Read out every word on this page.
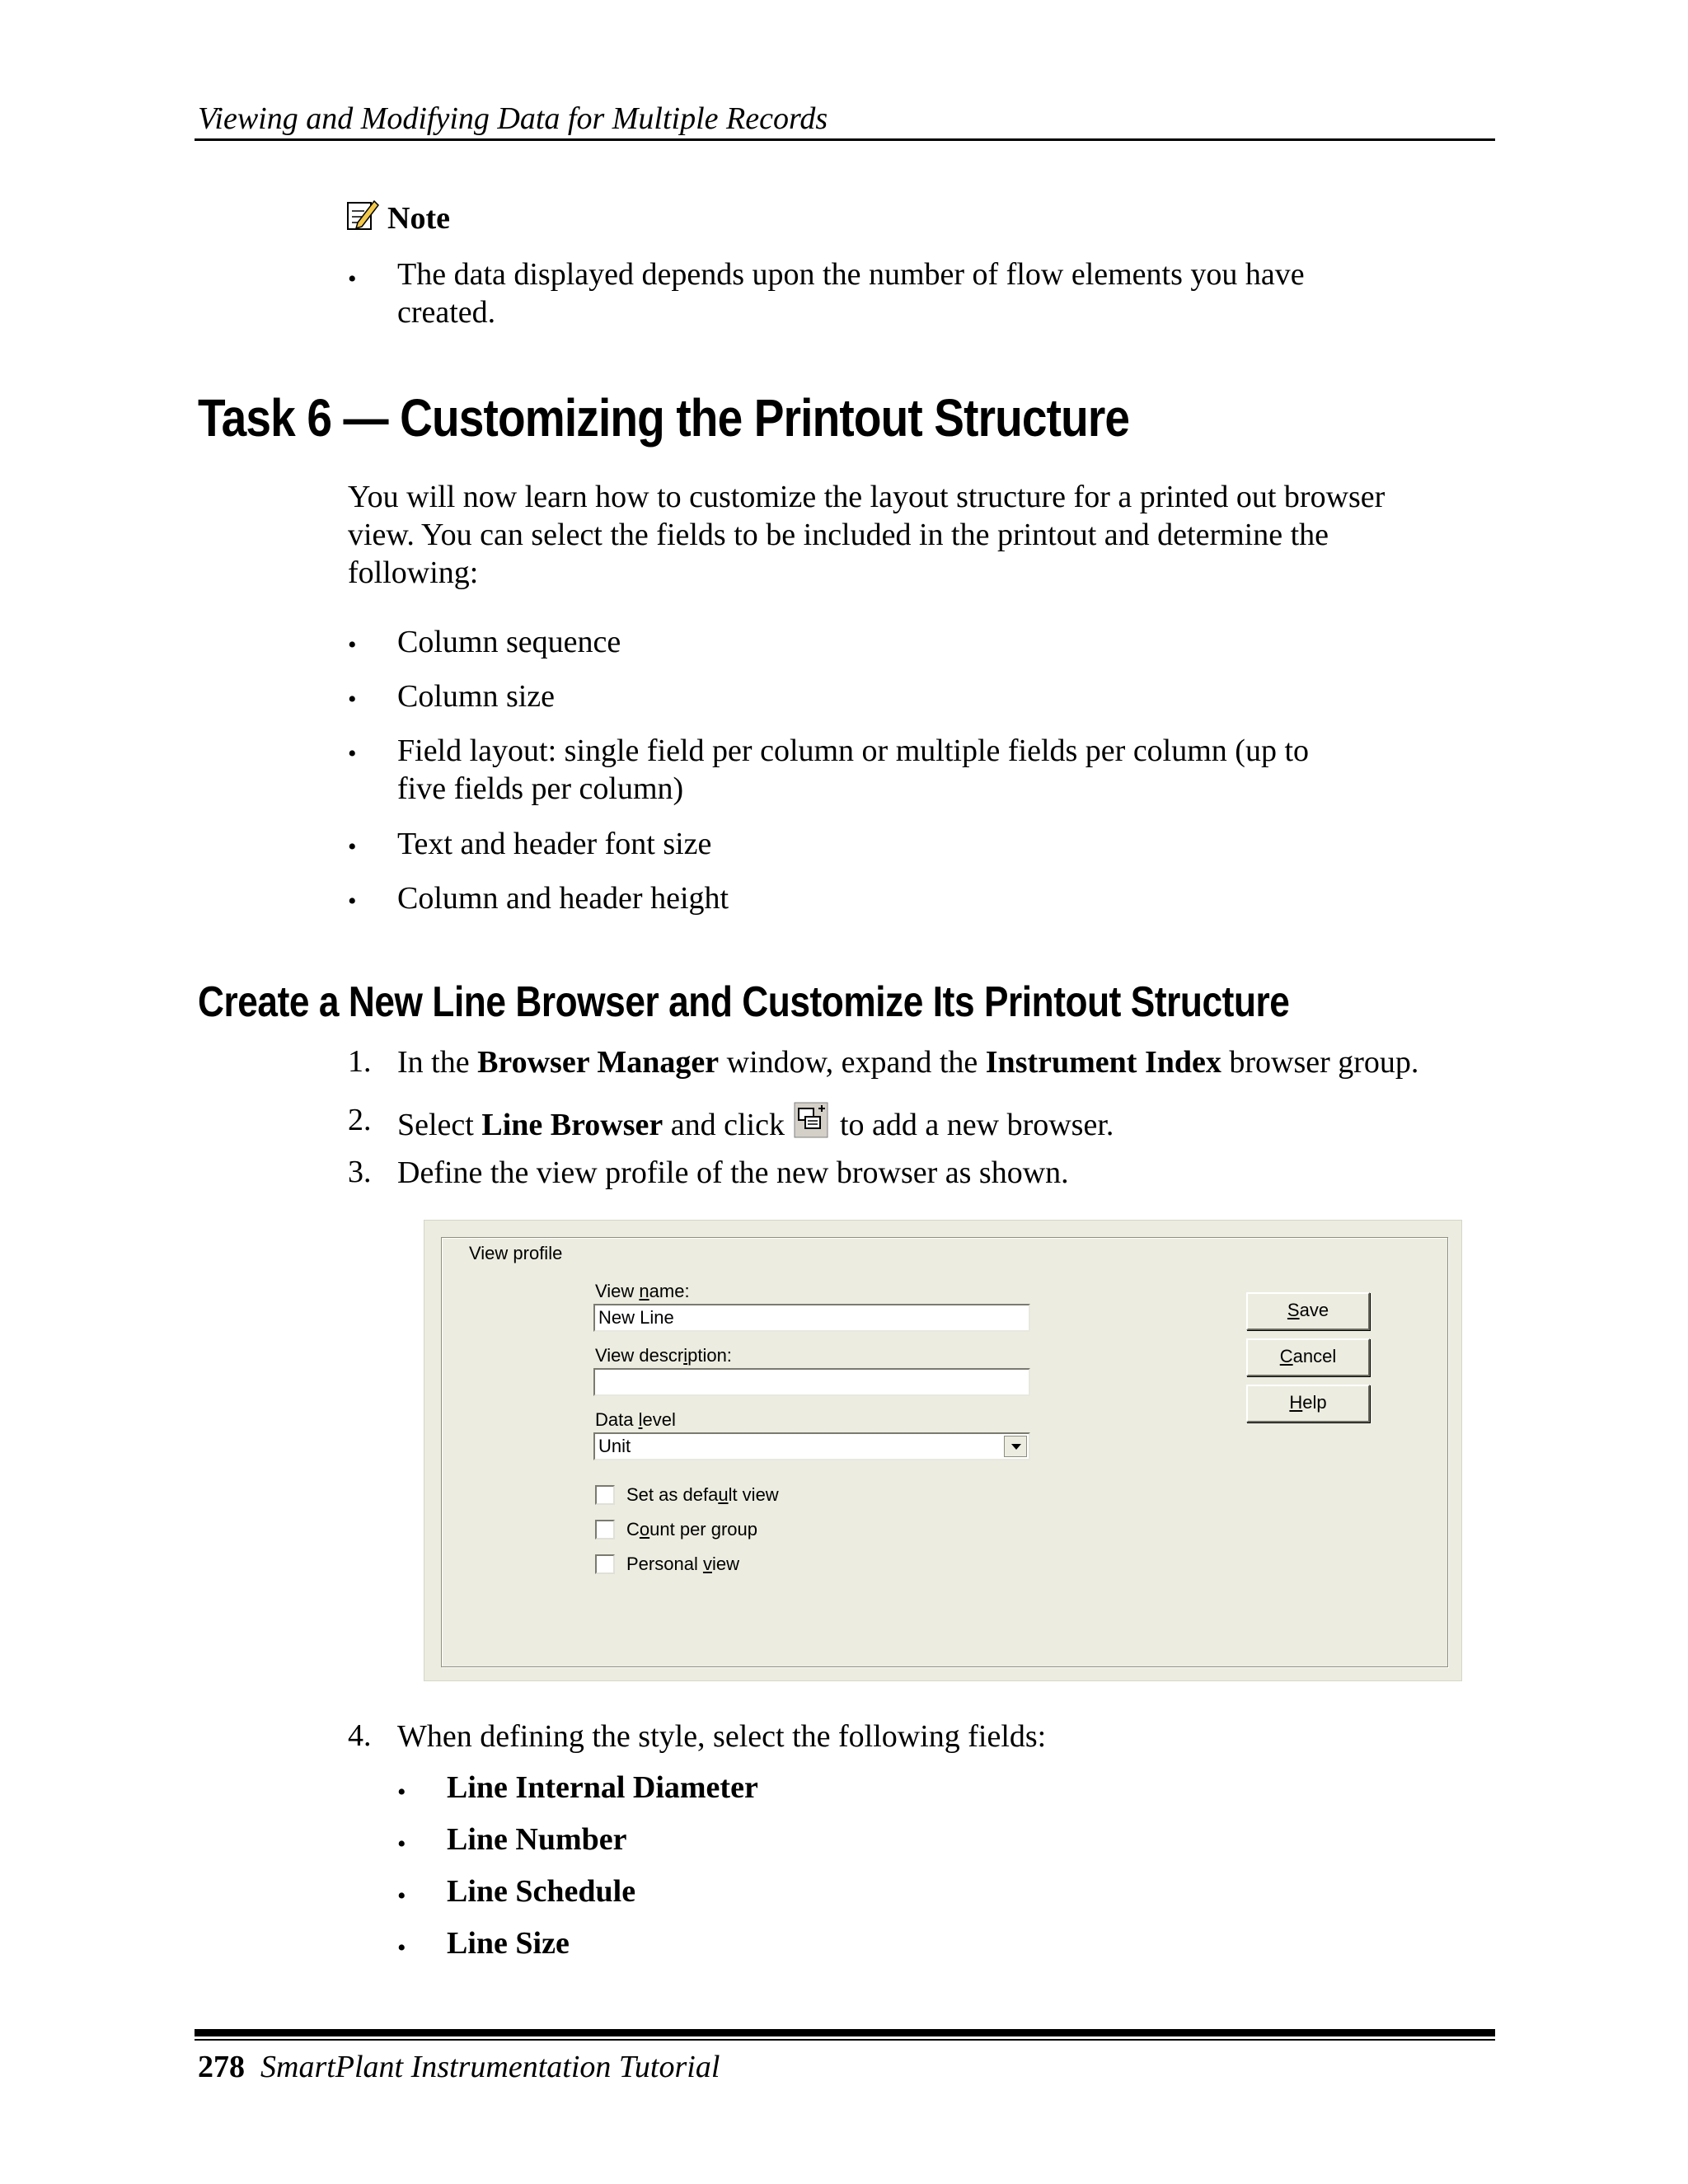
Viewing and Modifying Data for Multiple Records
Note
• The data displayed depends upon the number of flow elements you have
created.
Task 6 — Customizing the Printout Structure
You will now learn how to customize the layout structure for a printed out browser
view. You can select the fields to be included in the printout and determine the
following:
• Column sequence
• Column size
• Field layout: single field per column or multiple fields per column (up to
five fields per column)
• Text and header font size
• Column and header height
Create a New Line Browser and Customize Its Printout Structure
1. In the Browser Manager window, expand the Instrument Index browser group.
2. Select Line Browser and click  to add a new browser.
3. Define the view profile of the new browser as shown.
View profile
View name:
New Line
View description:
Data level
Unit
Set as default view
Count per group
Personal view
Save
Cancel
Help
4. When defining the style, select the following fields:
• Line Internal Diameter
• Line Number
• Line Schedule
• Line Size
278 SmartPlant Instrumentation Tutorial
